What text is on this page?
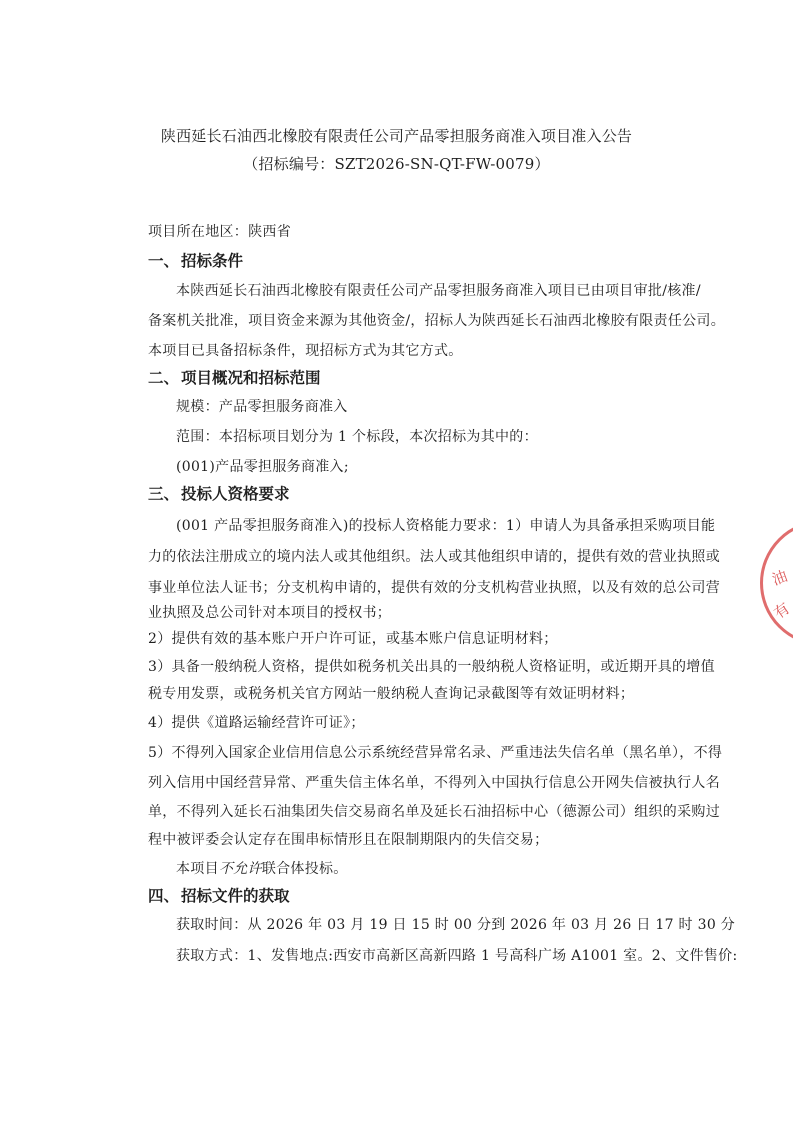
陕西延长石油西北橡胶有限责任公司产品零担服务商准入项目准入公告
（招标编号：SZT2026-SN-QT-FW-0079）
项目所在地区：陕西省
一、 招标条件
本陕西延长石油西北橡胶有限责任公司产品零担服务商准入项目已由项目审批/核准/
备案机关批准，项目资金来源为其他资金/，招标人为陕西延长石油西北橡胶有限责任公司。
本项目已具备招标条件，现招标方式为其它方式。
二、 项目概况和招标范围
规模：产品零担服务商准入
范围：本招标项目划分为 1 个标段，本次招标为其中的：
(001)产品零担服务商准入;
三、 投标人资格要求
(001 产品零担服务商准入)的投标人资格能力要求：1）申请人为具备承担采购项目能
力的依法注册成立的境内法人或其他组织。法人或其他组织申请的，提供有效的营业执照或
事业单位法人证书；分支机构申请的，提供有效的分支机构营业执照，以及有效的总公司营
业执照及总公司针对本项目的授权书；
2）提供有效的基本账户开户许可证，或基本账户信息证明材料；
3）具备一般纳税人资格，提供如税务机关出具的一般纳税人资格证明，或近期开具的增值
税专用发票，或税务机关官方网站一般纳税人查询记录截图等有效证明材料；
4）提供《道路运输经营许可证》；
5）不得列入国家企业信用信息公示系统经营异常名录、严重违法失信名单（黑名单），不得
列入信用中国经营异常、严重失信主体名单，不得列入中国执行信息公开网失信被执行人名
单，不得列入延长石油集团失信交易商名单及延长石油招标中心（德源公司）组织的采购过
程中被评委会认定存在围串标情形且在限制期限内的失信交易；
本项目不允许联合体投标。
四、 招标文件的获取
获取时间：从 2026 年 03 月 19 日 15 时 00 分到 2026 年 03 月 26 日 17 时 30 分
获取方式：1、发售地点:西安市高新区高新四路 1 号高科广场 A1001 室。2、文件售价:
油
有
